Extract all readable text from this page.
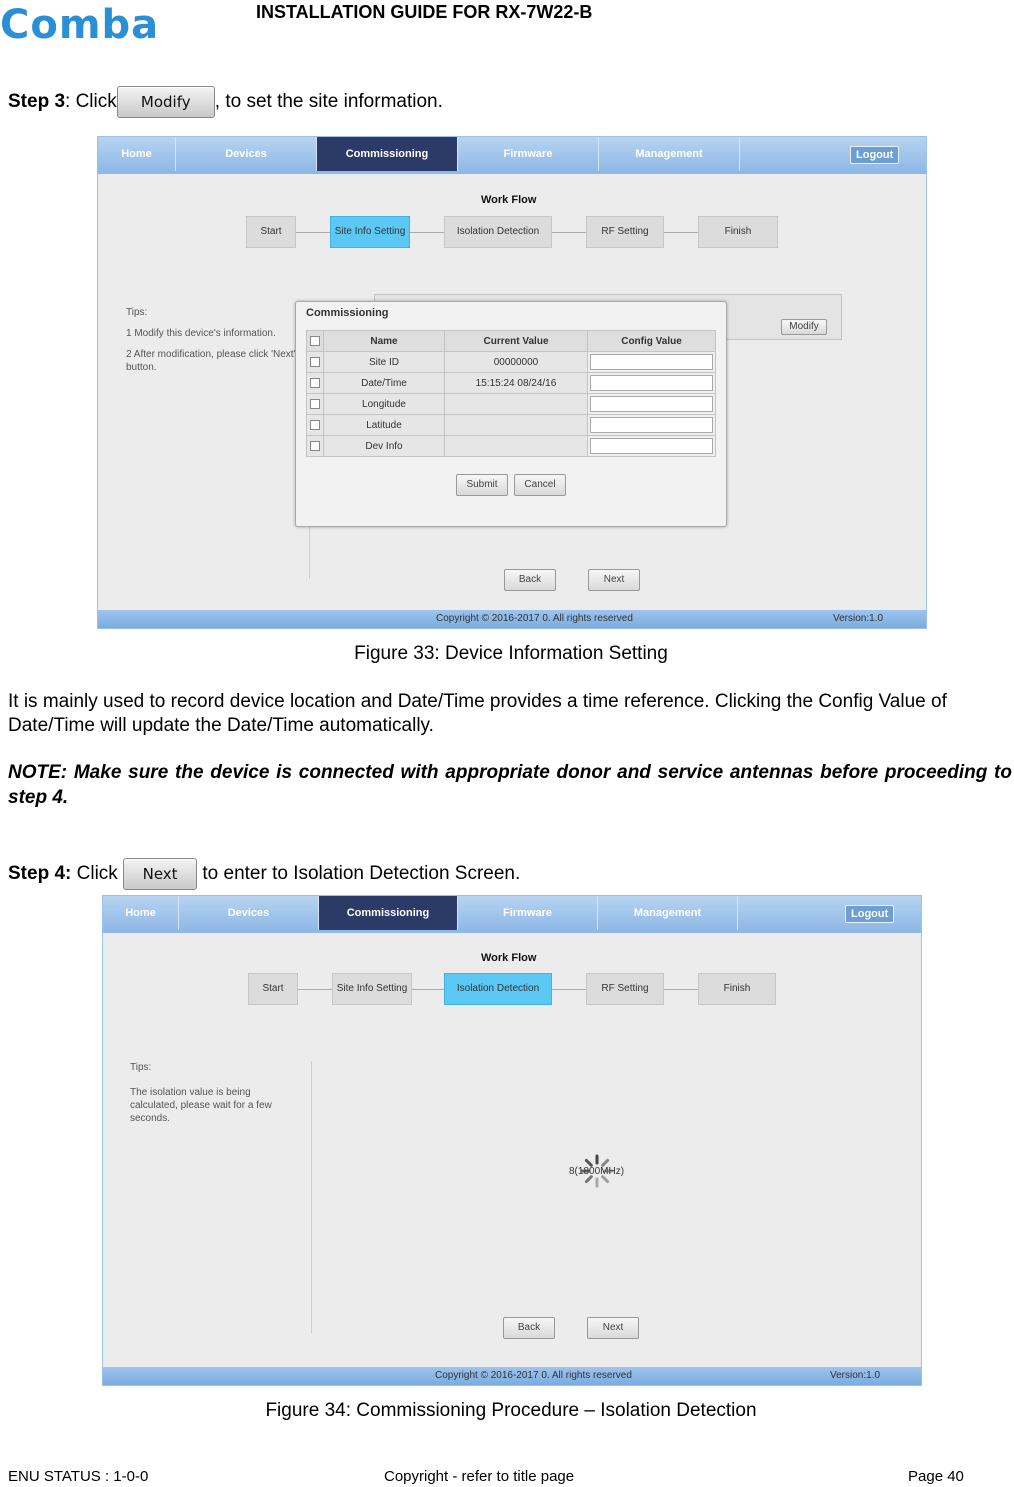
Comba	INSTALLATION GUIDE FOR RX-7W22-B
Step 3: Click Modify , to set the site information.
Home	Devices	Commissioning	Firmware	Management	Logout
Work Flow
Start	Site Info Setting	Isolation Detection	RF Setting	Finish
Tips:
1 Modify this device's information.
2 After modification, please click 'Next' button.
Modify
Back	Next
Commissioning
	Name	Current Value	Config Value
	Site ID	00000000	

	Date/Time	15:15:24 08/24/16	

	Longitude		

	Latitude		

	Dev Info		
Submit	Cancel
Copyright © 2016-2017 0. All rights reserved	Version:1.0
Figure 33: Device Information Setting
It is mainly used to record device location and Date/Time provides a time reference. Clicking the Config Value of Date/Time will update the Date/Time automatically.
NOTE: Make sure the device is connected with appropriate donor and service antennas before proceeding to step 4.
Step 4: Click Next to enter to Isolation Detection Screen.
Home	Devices	Commissioning	Firmware	Management	Logout
Work Flow
Start	Site Info Setting	Isolation Detection	RF Setting	Finish
Tips:
The isolation value is being calculated, please wait for a few seconds.
8(1800MHz)
Back	Next
Copyright © 2016-2017 0. All rights reserved	Version:1.0
Figure 34: Commissioning Procedure – Isolation Detection
ENU STATUS : 1-0-0	Copyright - refer to title page	Page 40
